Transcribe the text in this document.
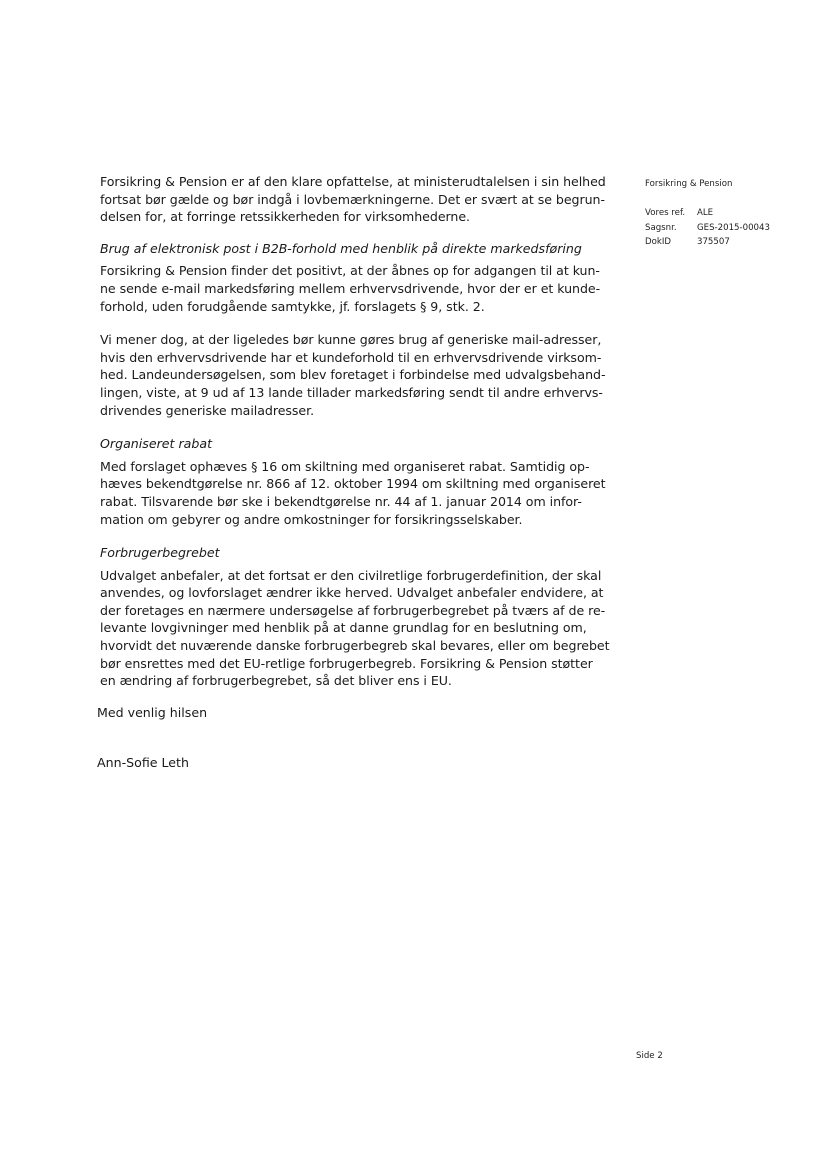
Forsikring & Pension er af den klare opfattelse, at ministerudtalelsen i sin helhed
fortsat bør gælde og bør indgå i lovbemærkningerne. Det er svært at se begrun-
delsen for, at forringe retssikkerheden for virksomhederne.

Brug af elektronisk post i B2B-forhold med henblik på direkte markedsføring

Forsikring & Pension finder det positivt, at der åbnes op for adgangen til at kun-
ne sende e-mail markedsføring mellem erhvervsdrivende, hvor der er et kunde-
forhold, uden forudgående samtykke, jf. forslagets § 9, stk. 2.

Vi mener dog, at der ligeledes bør kunne gøres brug af generiske mail-adresser,
hvis den erhvervsdrivende har et kundeforhold til en erhvervsdrivende virksom-
hed. Landeundersøgelsen, som blev foretaget i forbindelse med udvalgsbehand-
lingen, viste, at 9 ud af 13 lande tillader markedsføring sendt til andre erhvervs-
drivendes generiske mailadresser.

Organiseret rabat

Med forslaget ophæves § 16 om skiltning med organiseret rabat. Samtidig op-
hæves bekendtgørelse nr. 866 af 12. oktober 1994 om skiltning med organiseret
rabat. Tilsvarende bør ske i bekendtgørelse nr. 44 af 1. januar 2014 om infor-
mation om gebyrer og andre omkostninger for forsikringsselskaber.

Forbrugerbegrebet

Udvalget anbefaler, at det fortsat er den civilretlige forbrugerdefinition, der skal
anvendes, og lovforslaget ændrer ikke herved. Udvalget anbefaler endvidere, at
der foretages en nærmere undersøgelse af forbrugerbegrebet på tværs af de re-
levante lovgivninger med henblik på at danne grundlag for en beslutning om,
hvorvidt det nuværende danske forbrugerbegreb skal bevares, eller om begrebet
bør ensrettes med det EU-retlige forbrugerbegreb. Forsikring & Pension støtter
en ændring af forbrugerbegrebet, så det bliver ens i EU.

Med venlig hilsen
Ann-Sofie Leth
Forsikring & Pension
Vores ref.	ALE
Sagsnr.	GES-2015-00043
DokID	375507
Side 2
